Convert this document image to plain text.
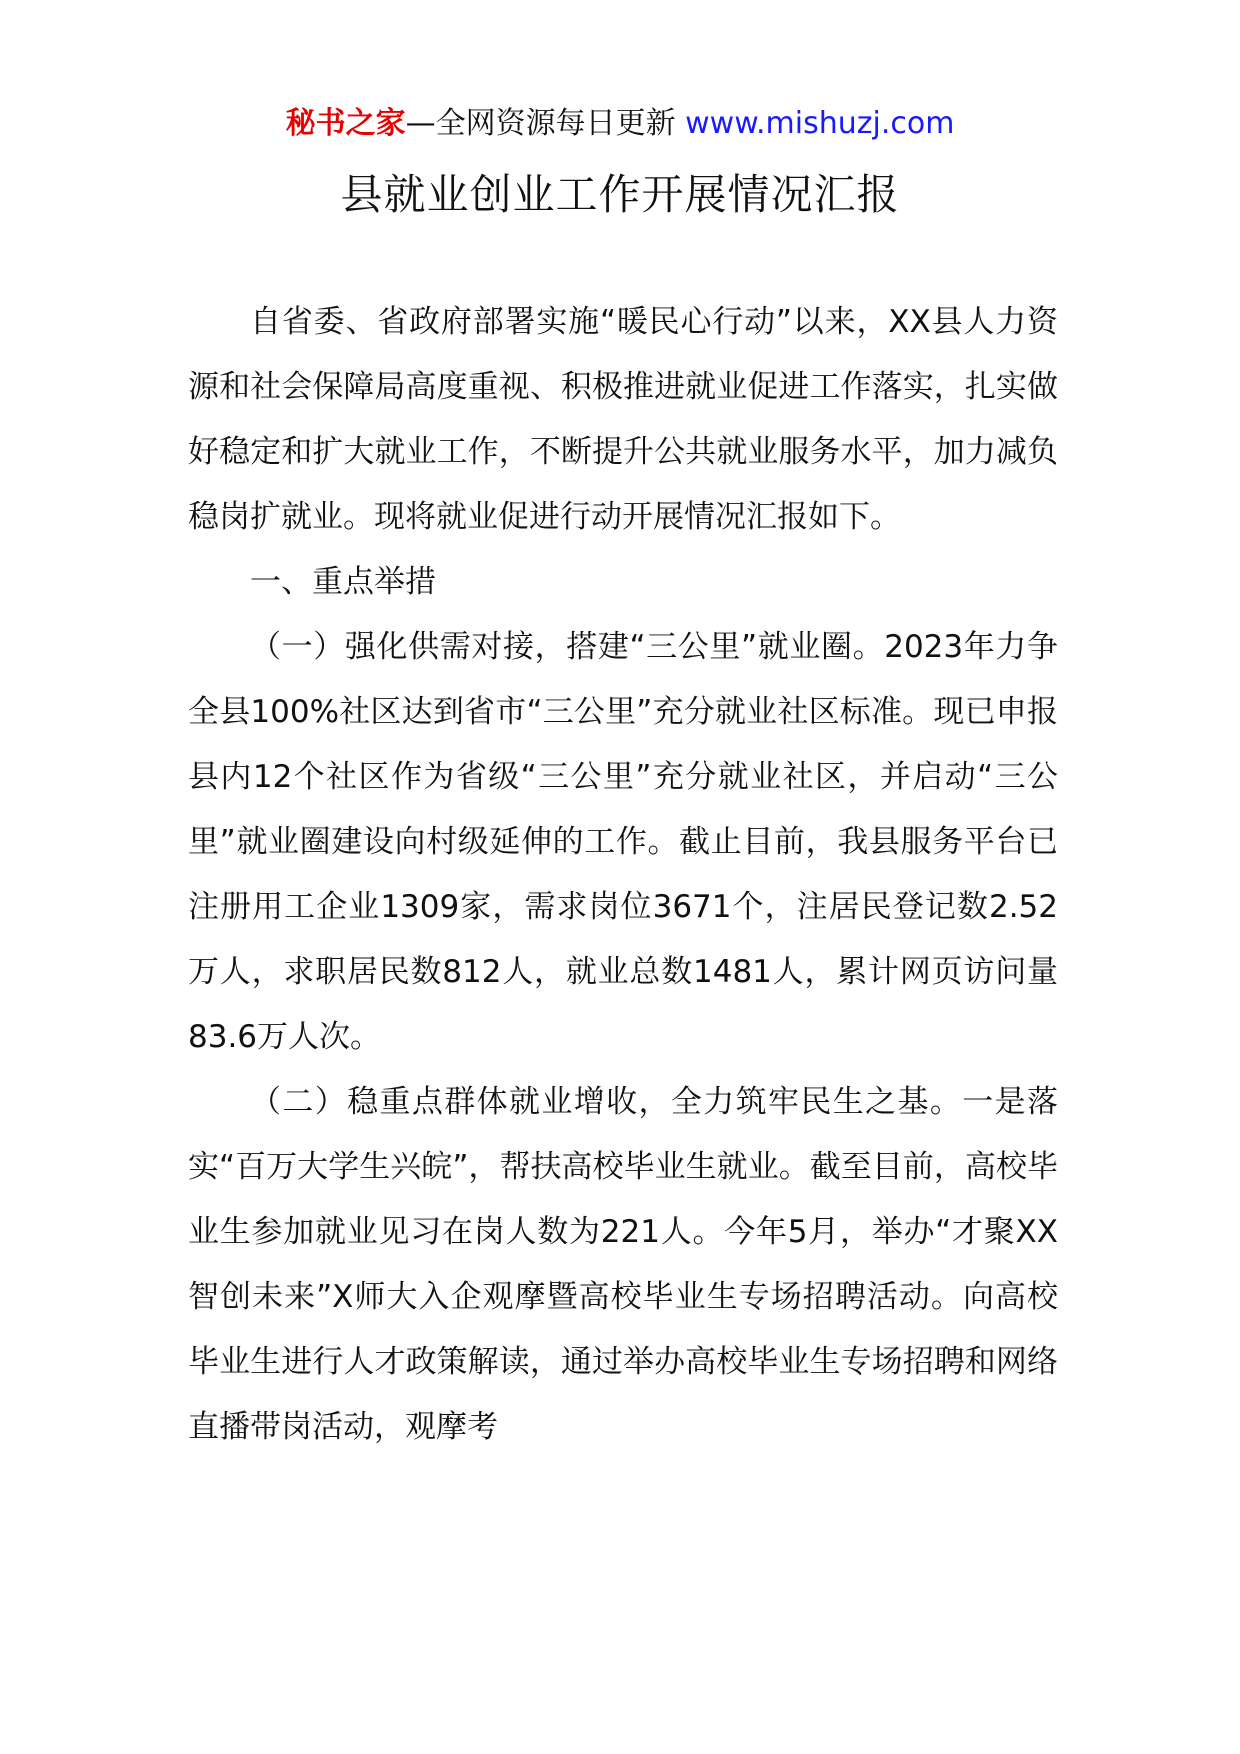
秘书之家—全网资源每日更新 www.mishuzj.com
县就业创业工作开展情况汇报

自省委、省政府部署实施“暖民心行动”以来，XX县人力资源和社会保障局高度重视、积极推进就业促进工作落实，扎实做好稳定和扩大就业工作，不断提升公共就业服务水平，加力减负稳岗扩就业。现将就业促进行动开展情况汇报如下。

一、重点举措

（一）强化供需对接，搭建“三公里”就业圈。2023年力争全县100%社区达到省市“三公里”充分就业社区标准。现已申报县内12个社区作为省级“三公里”充分就业社区，并启动“三公里”就业圈建设向村级延伸的工作。截止目前，我县服务平台已注册用工企业1309家，需求岗位3671个，注居民登记数2.52万人，求职居民数812人，就业总数1481人，累计网页访问量83.6万人次。

（二）稳重点群体就业增收，全力筑牢民生之基。一是落实“百万大学生兴皖”，帮扶高校毕业生就业。截至目前，高校毕业生参加就业见习在岗人数为221人。今年5月，举办“才聚XX智创未来”X师大入企观摩暨高校毕业生专场招聘活动。向高校毕业生进行人才政策解读，通过举办高校毕业生专场招聘和网络直播带岗活动，观摩考
